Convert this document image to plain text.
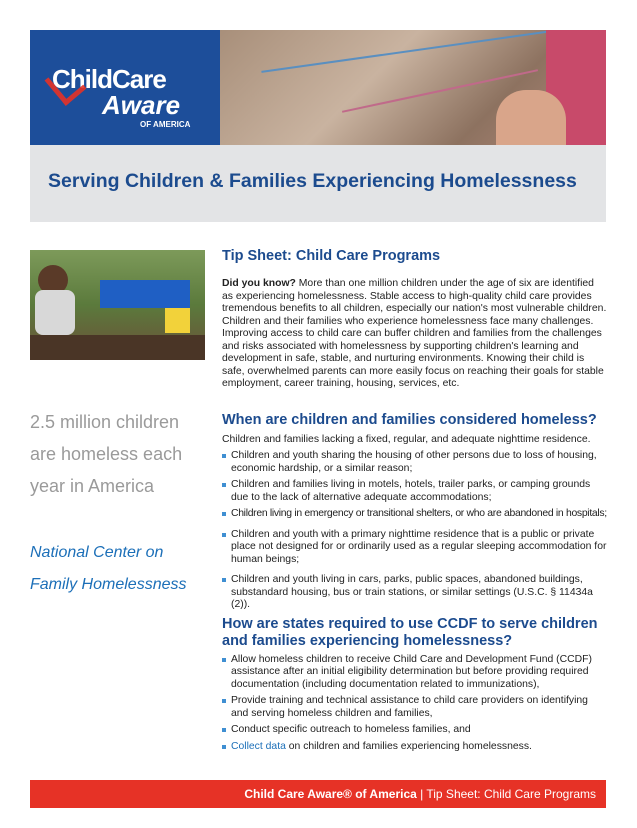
ChildCare
Aware
OF AMERICA
Serving Children & Families Experiencing Homelessness
2.5 million children are homeless each year in America
National Center on Family Homelessness
Tip Sheet: Child Care Programs

Did you know? More than one million children under the age of six are identified as experiencing homelessness. Stable access to high-quality child care provides tremendous benefits to all children, especially our nation's most vulnerable children. Children and their families who experience homelessness face many challenges. Improving access to child care can buffer children and families from the challenges and risks associated with homelessness by supporting children's learning and development in safe, stable, and nurturing environments. Knowing their child is safe, overwhelmed parents can more easily focus on reaching their goals for stable employment, career training, housing, services, etc.

When are children and families considered homeless?

Children and families lacking a fixed, regular, and adequate nighttime residence.

Children and youth sharing the housing of other persons due to loss of housing, economic hardship, or a similar reason;
Children and families living in motels, hotels, trailer parks, or camping grounds due to the lack of alternative adequate accommodations;
Children living in emergency or transitional shelters, or who are abandoned in hospitals;
Children and youth with a primary nighttime residence that is a public or private place not designed for or ordinarily used as a regular sleeping accommodation for human beings;
Children and youth living in cars, parks, public spaces, abandoned buildings, substandard housing, bus or train stations, or similar settings (U.S.C. § 11434a (2)).
How are states required to use CCDF to serve children and families experiencing homelessness?
Allow homeless children to receive Child Care and Development Fund (CCDF) assistance after an initial eligibility determination but before providing required documentation (including documentation related to immunizations),
Provide training and technical assistance to child care providers on identifying and serving homeless children and families,
Conduct specific outreach to homeless families, and
Collect data on children and families experiencing homelessness.
Child Care Aware® of America | Tip Sheet: Child Care Programs
